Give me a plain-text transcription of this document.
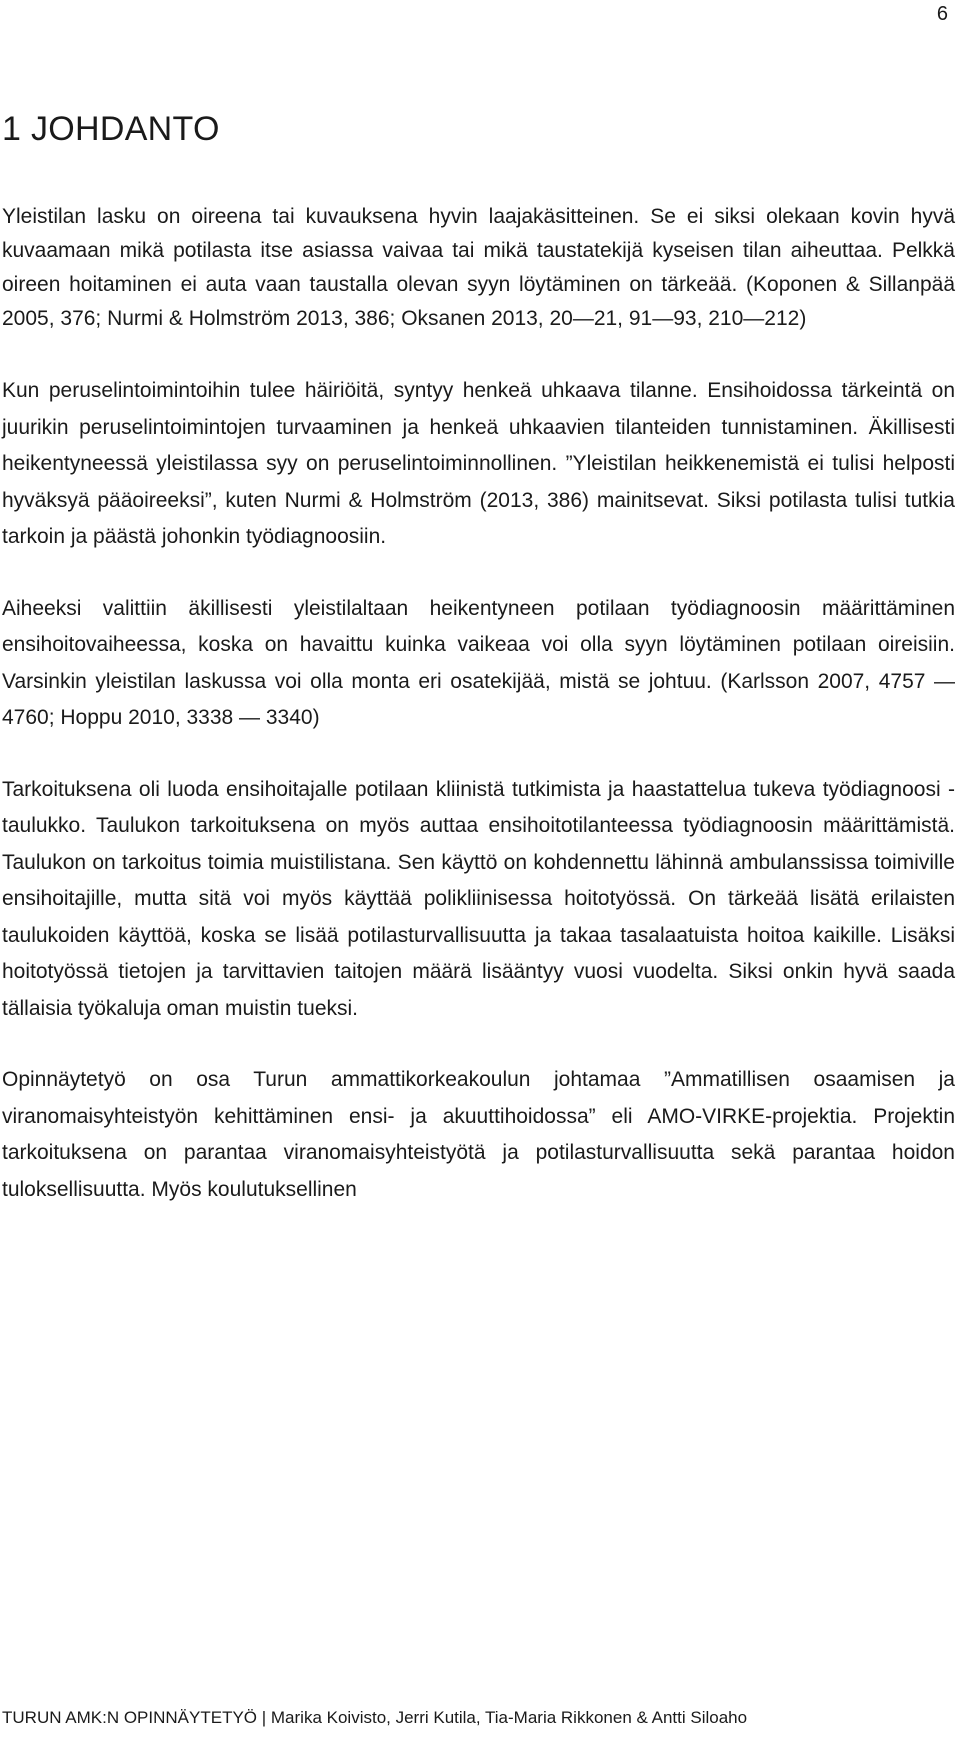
6
1 JOHDANTO

Yleistilan lasku on oireena tai kuvauksena hyvin laajakäsitteinen. Se ei siksi olekaan kovin hyvä kuvaamaan mikä potilasta itse asiassa vaivaa tai mikä taustatekijä kyseisen tilan aiheuttaa. Pelkkä oireen hoitaminen ei auta vaan taustalla olevan syyn löytäminen on tärkeää. (Koponen & Sillanpää 2005, 376; Nurmi & Holmström 2013, 386; Oksanen 2013, 20—21, 91—93, 210—212)

Kun peruselintoimintoihin tulee häiriöitä, syntyy henkeä uhkaava tilanne. Ensihoidossa tärkeintä on juurikin peruselintoimintojen turvaaminen ja henkeä uhkaavien tilanteiden tunnistaminen. Äkillisesti heikentyneessä yleistilassa syy on peruselintoiminnollinen. ”Yleistilan heikkenemistä ei tulisi helposti hyväksyä pääoireeksi”, kuten Nurmi & Holmström (2013, 386) mainitsevat. Siksi potilasta tulisi tutkia tarkoin ja päästä johonkin työdiagnoosiin.

Aiheeksi valittiin äkillisesti yleistilaltaan heikentyneen potilaan työdiagnoosin määrittäminen ensihoitovaiheessa, koska on havaittu kuinka vaikeaa voi olla syyn löytäminen potilaan oireisiin. Varsinkin yleistilan laskussa voi olla monta eri osatekijää, mistä se johtuu. (Karlsson 2007, 4757 — 4760; Hoppu 2010, 3338 — 3340)

Tarkoituksena oli luoda ensihoitajalle potilaan kliinistä tutkimista ja haastattelua tukeva työdiagnoosi -taulukko. Taulukon tarkoituksena on myös auttaa ensihoitotilanteessa työdiagnoosin määrittämistä. Taulukon on tarkoitus toimia muistilistana. Sen käyttö on kohdennettu lähinnä ambulanssissa toimiville ensihoitajille, mutta sitä voi myös käyttää polikliinisessa hoitotyössä. On tärkeää lisätä erilaisten taulukoiden käyttöä, koska se lisää potilasturvallisuutta ja takaa tasalaatuista hoitoa kaikille. Lisäksi hoitotyössä tietojen ja tarvittavien taitojen määrä lisääntyy vuosi vuodelta. Siksi onkin hyvä saada tällaisia työkaluja oman muistin tueksi.

Opinnäytetyö on osa Turun ammattikorkeakoulun johtamaa ”Ammatillisen osaamisen ja viranomaisyhteistyön kehittäminen ensi- ja akuuttihoidossa” eli AMO-VIRKE-projektia. Projektin tarkoituksena on parantaa viranomaisyhteistyötä ja potilasturvallisuutta sekä parantaa hoidon tuloksellisuutta. Myös koulutuksellinen

TURUN AMK:N OPINNÄYTETYÖ | Marika Koivisto, Jerri Kutila, Tia-Maria Rikkonen & Antti Siloaho
